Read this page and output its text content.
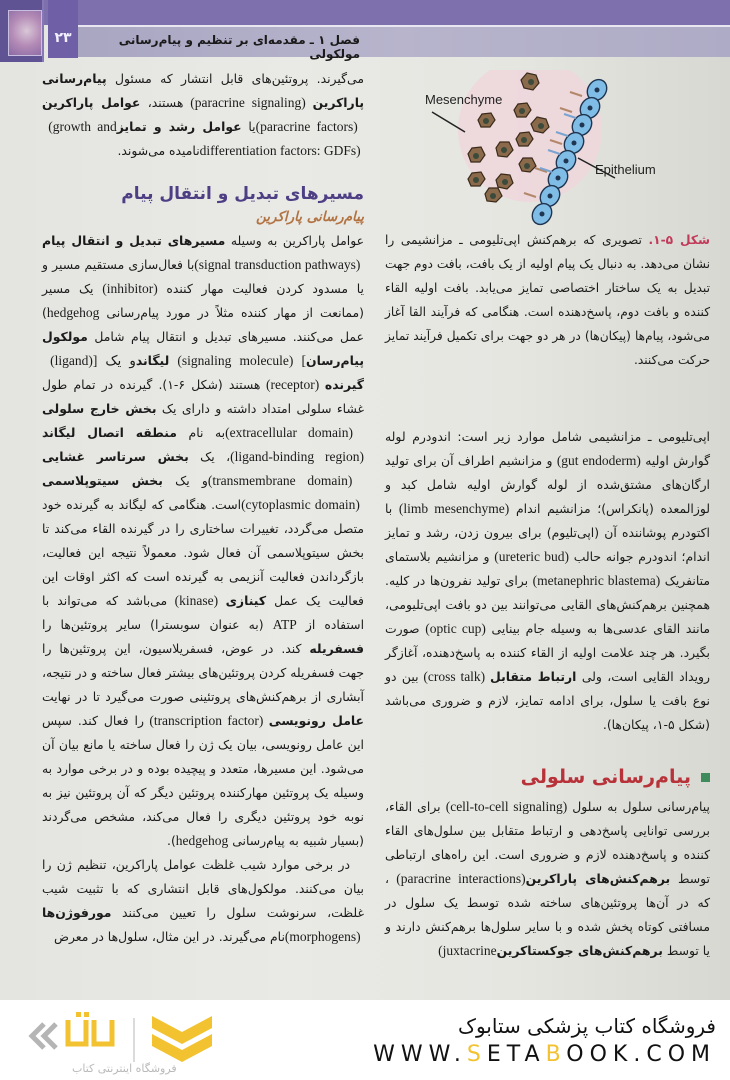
۲۳	فصل ۱ ـ مقدمه‌ای بر تنظیم و پیام‌رسانی مولکولی

می‌گیرند. پروتئین‌های قابل انتشار که مسئول پیام‌رسانی پاراکرین (paracrine signaling) هستند، عوامل پاراکرین (paracrine factors) یا عوامل رشد و تمایز (growth and differentiation factors: GDFs) نامیده می‌شوند.

مسیرهای تبدیل و انتقال پیام
پیام‌رسانی پاراکرین

عوامل پاراکرین به وسیله مسیرهای تبدیل و انتقال پیام (signal transduction pathways) با فعال‌سازی مستقیم مسیر و یا مسدود کردن فعالیت مهار کننده (inhibitor) یک مسیر (ممانعت از مهار کننده مثلاً در مورد پیام‌رسانی hedgehog) عمل می‌کنند. مسیرهای تبدیل و انتقال پیام شامل مولکول پیام‌رسان (signaling molecule) [لیگاند (ligand)] و یک گیرنده (receptor) هستند (شکل ۶-۱). گیرنده در تمام طول غشاء سلولی امتداد داشته و دارای یک بخش خارج سلولی (extracellular domain) به نام منطقه اتصال لیگاند (ligand-binding region)، یک بخش سرتاسر غشایی (transmembrane domain) و یک بخش سیتوپلاسمی (cytoplasmic domain) است. هنگامی که لیگاند به گیرنده خود متصل می‌گردد، تغییرات ساختاری را در گیرنده القاء می‌کند تا بخش سیتوپلاسمی آن فعال شود. معمولاً نتیجه این فعالیت، بازگرداندن فعالیت آنزیمی به گیرنده است که اکثر اوقات این فعالیت یک عمل کینازی (kinase) می‌باشد که می‌تواند با استفاده از ATP (به عنوان سوبسترا) سایر پروتئین‌ها را فسفریله کند. در عوض، فسفریلاسیون، این پروتئین‌ها را جهت فسفریله کردن پروتئین‌های بیشتر فعال ساخته و در نتیجه، آبشاری از برهم‌کنش‌های پروتئینی صورت می‌گیرد تا در نهایت عامل رونویسی (transcription factor) را فعال کند. سپس این عامل رونویسی، بیان یک ژن را فعال ساخته یا مانع بیان آن می‌شود. این مسیرها، متعدد و پیچیده بوده و در برخی موارد به وسیله یک پروتئین مهارکننده پروتئین دیگر که آن پروتئین نیز به نوبه خود پروتئین دیگری را فعال می‌کند، مشخص می‌گردند (بسیار شبیه به پیام‌رسانی hedgehog).

در برخی موارد شیب غلظت عوامل پاراکرین، تنظیم ژن را بیان می‌کنند. مولکول‌های قابل انتشاری که با تثبیت شیب غلظت، سرنوشت سلول را تعیین می‌کنند مورفوژن‌ها (morphogens) نام می‌گیرند. در این مثال، سلول‌ها در معرض

Mesenchyme
Epithelium
شکل ۵-۱. تصویری که برهم‌کنش اپی‌تلیومی ـ مزانشیمی را نشان می‌دهد. به دنبال یک پیام اولیه از یک بافت، بافت دوم جهت تبدیل به یک ساختار اختصاصی تمایز می‌یابد. بافت اولیه القاء کننده و بافت دوم، پاسخ‌دهنده است. هنگامی که فرآیند القا آغاز می‌شود، پیام‌ها (پیکان‌ها) در هر دو جهت برای تکمیل فرآیند تمایز حرکت می‌کنند.

اپی‌تلیومی ـ مزانشیمی شامل موارد زیر است: اندودرم لوله گوارش اولیه (gut endoderm) و مزانشیم اطراف آن برای تولید ارگان‌های مشتق‌شده از لوله گوارش اولیه شامل کبد و لوزالمعده (پانکراس)؛ مزانشیم اندام (limb mesenchyme) با اکتودرم پوشاننده آن (اپی‌تلیوم) برای بیرون زدن، رشد و تمایز اندام؛ اندودرم جوانه حالب (ureteric bud) و مزانشیم بلاستمای متانفریک (metanephric blastema) برای تولید نفرون‌ها در کلیه. همچنین برهم‌کنش‌های القایی می‌توانند بین دو بافت اپی‌تلیومی، مانند القای عدسی‌ها به وسیله جام بینایی (optic cup) صورت بگیرد. هر چند علامت اولیه از القاء کننده به پاسخ‌دهنده، آغازگر رویداد القایی است، ولی ارتباط متقابل (cross talk) بین دو نوع بافت یا سلول، برای ادامه تمایز، لازم و ضروری می‌باشد (شکل ۵-۱، پیکان‌ها).

پیام‌رسانی سلولی

پیام‌رسانی سلول به سلول (cell-to-cell signaling) برای القاء، بررسی توانایی پاسخ‌دهی و ارتباط متقابل بین سلول‌های القاء کننده و پاسخ‌دهنده لازم و ضروری است. این راه‌های ارتباطی توسط برهم‌کنش‌های پاراکرین (paracrine interactions)، که در آن‌ها پروتئین‌های ساخته شده توسط یک سلول در مسافتی کوتاه پخش شده و با سایر سلول‌ها برهم‌کنش دارند و یا توسط برهم‌کنش‌های جوکستاکرین (juxtacrine

فروشگاه اینترنتی کتاب
فروشگاه کتاب پزشکی ستابوک
WWW.SETABOOK.COM
